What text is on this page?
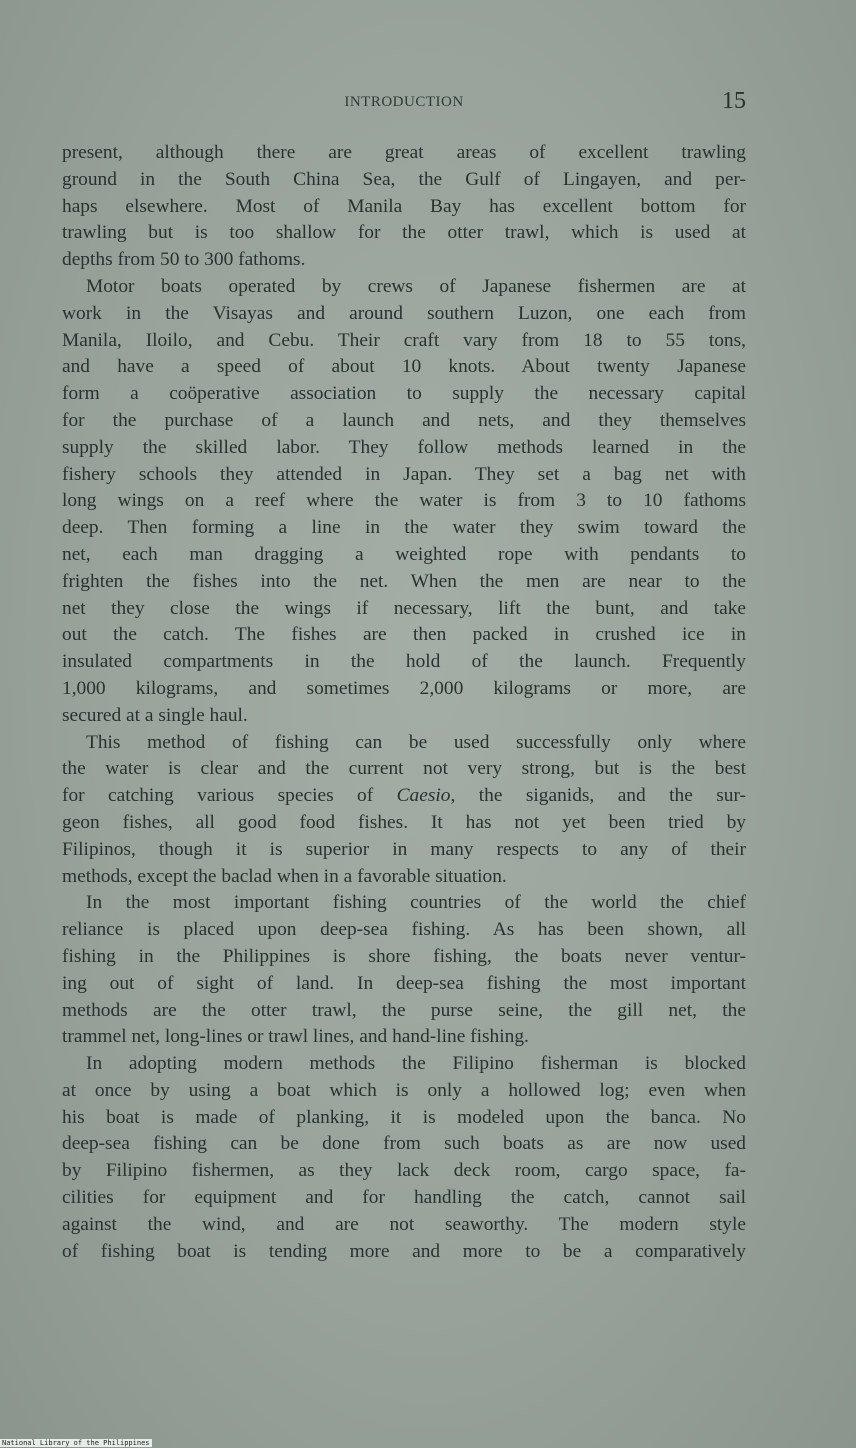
INTRODUCTION	15

present, although there are great areas of excellent trawling
ground in the South China Sea, the Gulf of Lingayen, and per-
haps elsewhere. Most of Manila Bay has excellent bottom for
trawling but is too shallow for the otter trawl, which is used at
depths from 50 to 300 fathoms.

Motor boats operated by crews of Japanese fishermen are at
work in the Visayas and around southern Luzon, one each from
Manila, Iloilo, and Cebu. Their craft vary from 18 to 55 tons,
and have a speed of about 10 knots. About twenty Japanese
form a coöperative association to supply the necessary capital
for the purchase of a launch and nets, and they themselves
supply the skilled labor. They follow methods learned in the
fishery schools they attended in Japan. They set a bag net with
long wings on a reef where the water is from 3 to 10 fathoms
deep. Then forming a line in the water they swim toward the
net, each man dragging a weighted rope with pendants to
frighten the fishes into the net. When the men are near to the
net they close the wings if necessary, lift the bunt, and take
out the catch. The fishes are then packed in crushed ice in
insulated compartments in the hold of the launch. Frequently
1,000 kilograms, and sometimes 2,000 kilograms or more, are
secured at a single haul.

This method of fishing can be used successfully only where
the water is clear and the current not very strong, but is the best
for catching various species of Caesio, the siganids, and the sur-
geon fishes, all good food fishes. It has not yet been tried by
Filipinos, though it is superior in many respects to any of their
methods, except the baclad when in a favorable situation.

In the most important fishing countries of the world the chief
reliance is placed upon deep-sea fishing. As has been shown, all
fishing in the Philippines is shore fishing, the boats never ventur-
ing out of sight of land. In deep-sea fishing the most important
methods are the otter trawl, the purse seine, the gill net, the
trammel net, long-lines or trawl lines, and hand-line fishing.

In adopting modern methods the Filipino fisherman is blocked
at once by using a boat which is only a hollowed log; even when
his boat is made of planking, it is modeled upon the banca. No
deep-sea fishing can be done from such boats as are now used
by Filipino fishermen, as they lack deck room, cargo space, fa-
cilities for equipment and for handling the catch, cannot sail
against the wind, and are not seaworthy. The modern style
of fishing boat is tending more and more to be a comparatively

National Library of the Philippines
